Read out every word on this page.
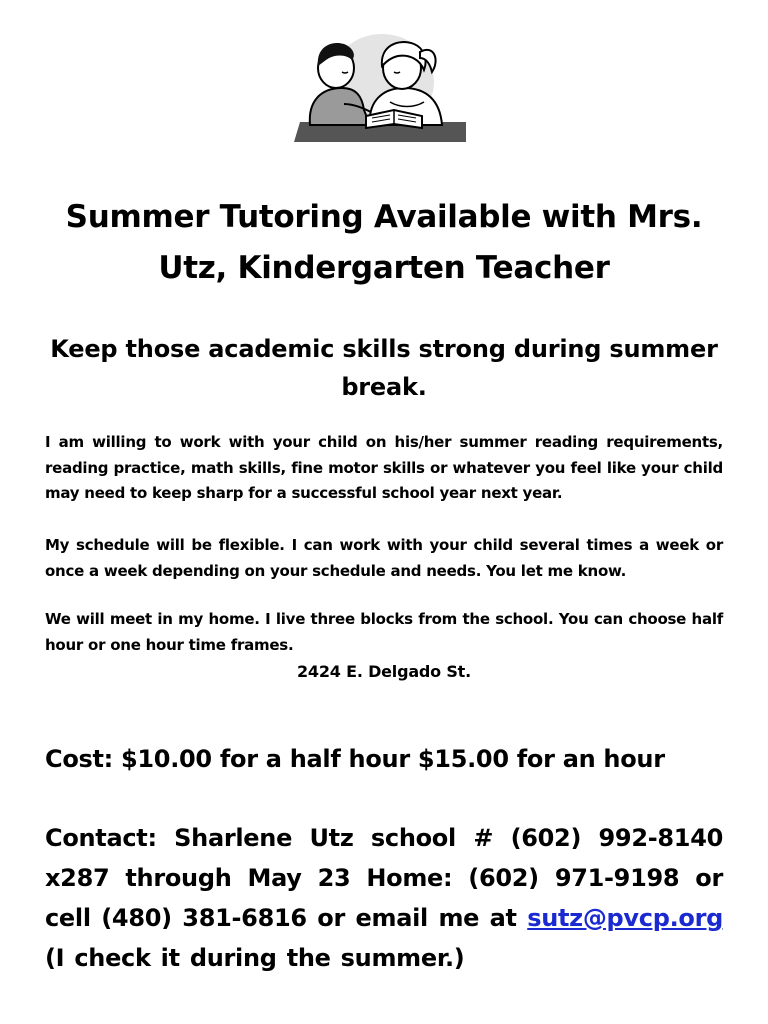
Summer Tutoring Available with Mrs. Utz, Kindergarten Teacher
Keep those academic skills strong during summer break.
I am willing to work with your child on his/her summer reading requirements, reading practice, math skills, fine motor skills or whatever you feel like your child may need to keep sharp for a successful school year next year.
My schedule will be flexible. I can work with your child several times a week or once a week depending on your schedule and needs. You let me know.
We will meet in my home. I live three blocks from the school. You can choose half hour or one hour time frames.
2424 E. Delgado St.
Cost: $10.00 for a half hour $15.00 for an hour
Contact: Sharlene Utz school # (602) 992-8140 x287 through May 23 Home: (602) 971-9198 or cell (480) 381-6816 or email me at sutz@pvcp.org (I check it during the summer.)
